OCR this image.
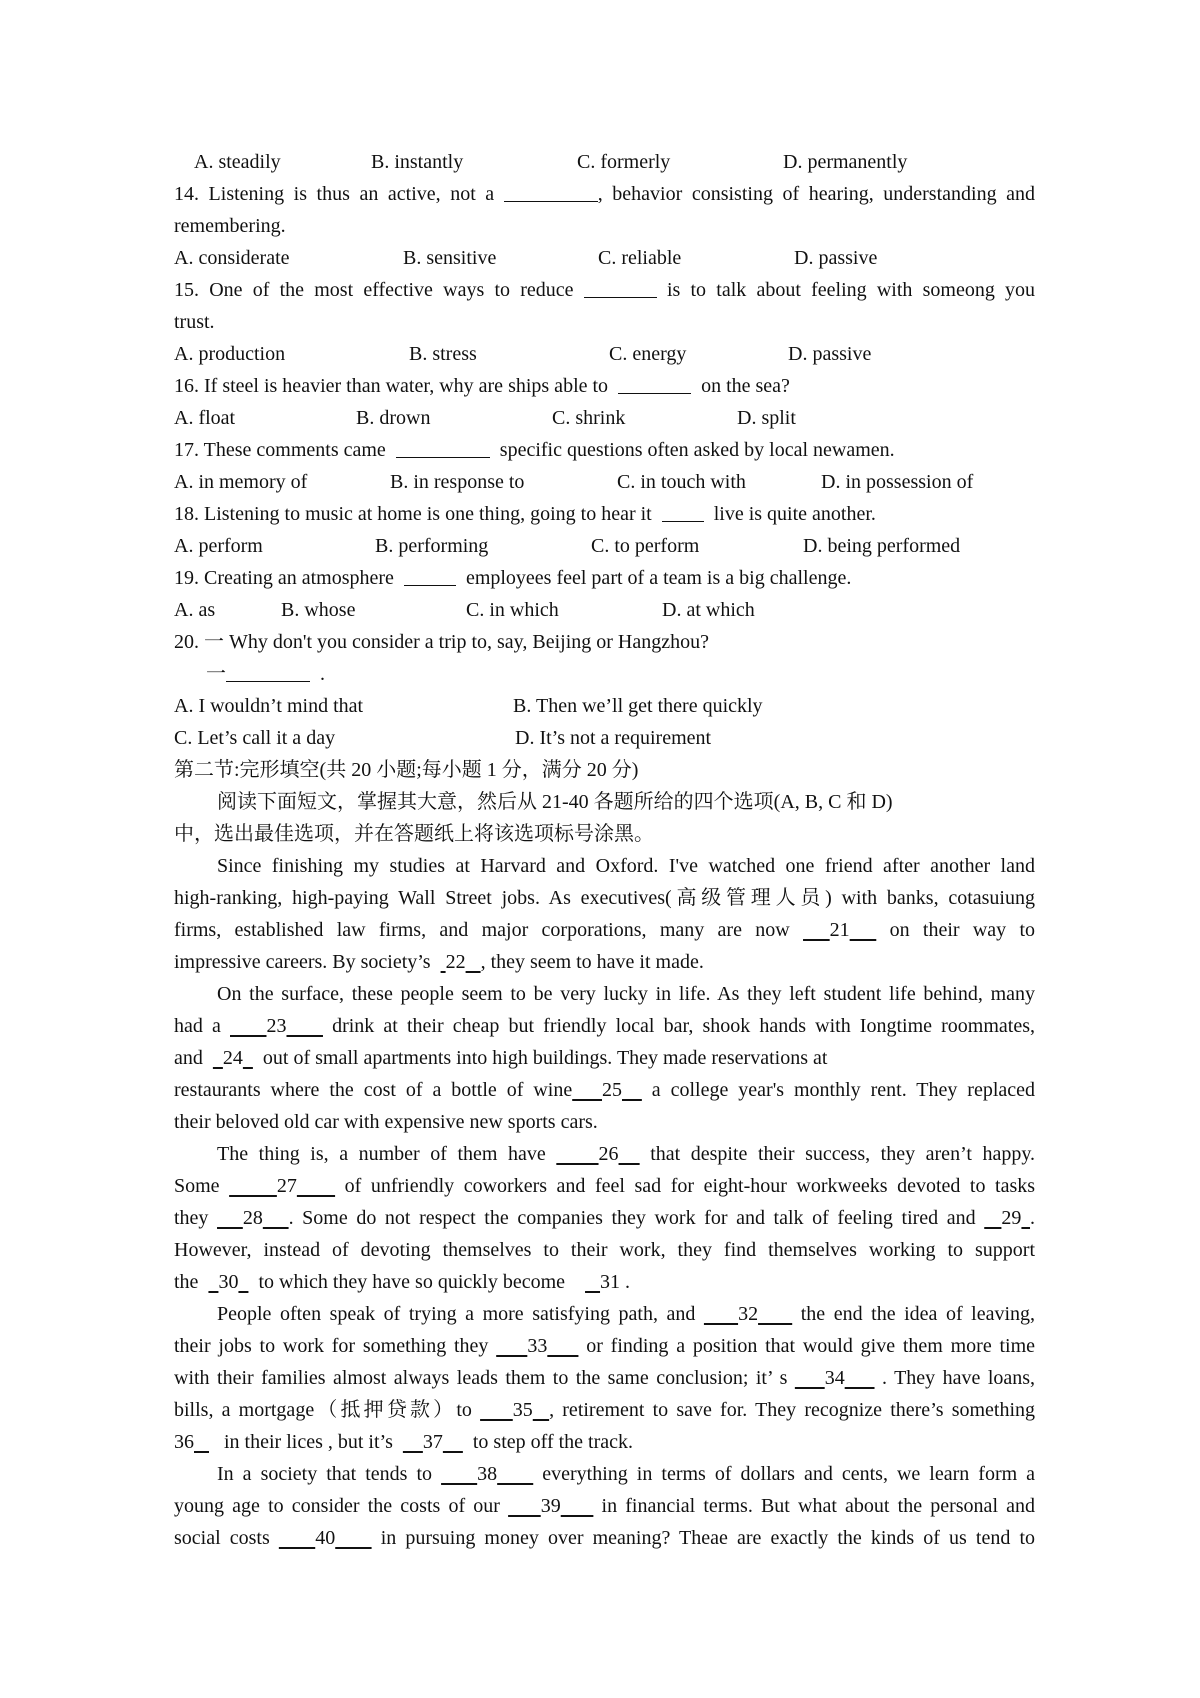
A. steadily	B. instantly	C. formerly	D. permanently
14. Listening is thus an active, not a	, behavior consisting of hearing, understanding and
remembering.
A. considerate	B. sensitive	C. reliable	D. passive
15. One of the most effective ways to reduce	is to talk about feeling with someong you
trust.
A. production	B. stress	C. energy	D. passive
16. If steel is heavier than water, why are ships able to	on the sea?
A. float	B. drown	C. shrink	D. split
17. These comments came	specific questions often asked by local newamen.
A. in memory of	B. in response to	C. in touch with	D. in possession of
18. Listening to music at home is one thing, going to hear it	live is quite another.
A. perform	B. performing	C. to perform	D. being performed
19. Creating an atmosphere	employees feel part of a team is a big challenge.
A. as	B. whose	C. in which	D. at which
20. 一 Why don't you consider a trip to, say, Beijing or Hangzhou?
一	.
A. I wouldn’t mind that	B. Then we’ll get there quickly
C. Let’s call it a day	D. It’s not a requirement
第二节:完形填空(共 20 小题;每小题 1 分，满分 20 分)
阅读下面短文，掌握其大意，然后从 21-40 各题所给的四个选项(A, B, C 和 D)
中，选出最佳选项，并在答题纸上将该选项标号涂黑。
Since finishing my studies at Harvard and Oxford. I've watched one friend after another land
high-ranking, high-paying Wall Street jobs. As executives(高级管理人员) with banks, cotasuiung
firms, established law firms, and major corporations, many are now 21 on their way to
impressive careers. By society’s 22 , they seem to have it made.
On the surface, these people seem to be very lucky in life. As they left student life behind, many
had a 23 drink at their cheap but friendly local bar, shook hands with Iongtime roommates,
and 24 out of small apartments into high buildings. They made reservations at
restaurants where the cost of a bottle of wine 25 a college year's monthly rent. They replaced
their beloved old car with expensive new sports cars.
The thing is, a number of them have	26 that despite their success, they aren’t happy.
Some	27 of unfriendly coworkers and feel sad for eight-hour workweeks devoted to tasks
they 28 . Some do not respect the companies they work for and talk of feeling tired and 29 .
However, instead of devoting themselves to their work, they find themselves working to support
the 30 to which they have so quickly become 31 .
People often speak of trying a more satisfying path, and 32 the end the idea of leaving,
their jobs to work for something they 33 or finding a position that would give them more time
with their families almost always leads them to the same conclusion; it’ s 34 . They have loans,
bills, a mortgage（抵押贷款）to 35 , retirement to save for. They recognize there’s something
36 in their lices , but it’s 37 to step off the track.
In a society that tends to 38 everything in terms of dollars and cents, we learn form a
young age to consider the costs of our 39 in financial terms. But what about the personal and
social costs 40 in pursuing money over meaning? Theae are exactly the kinds of us tend to
